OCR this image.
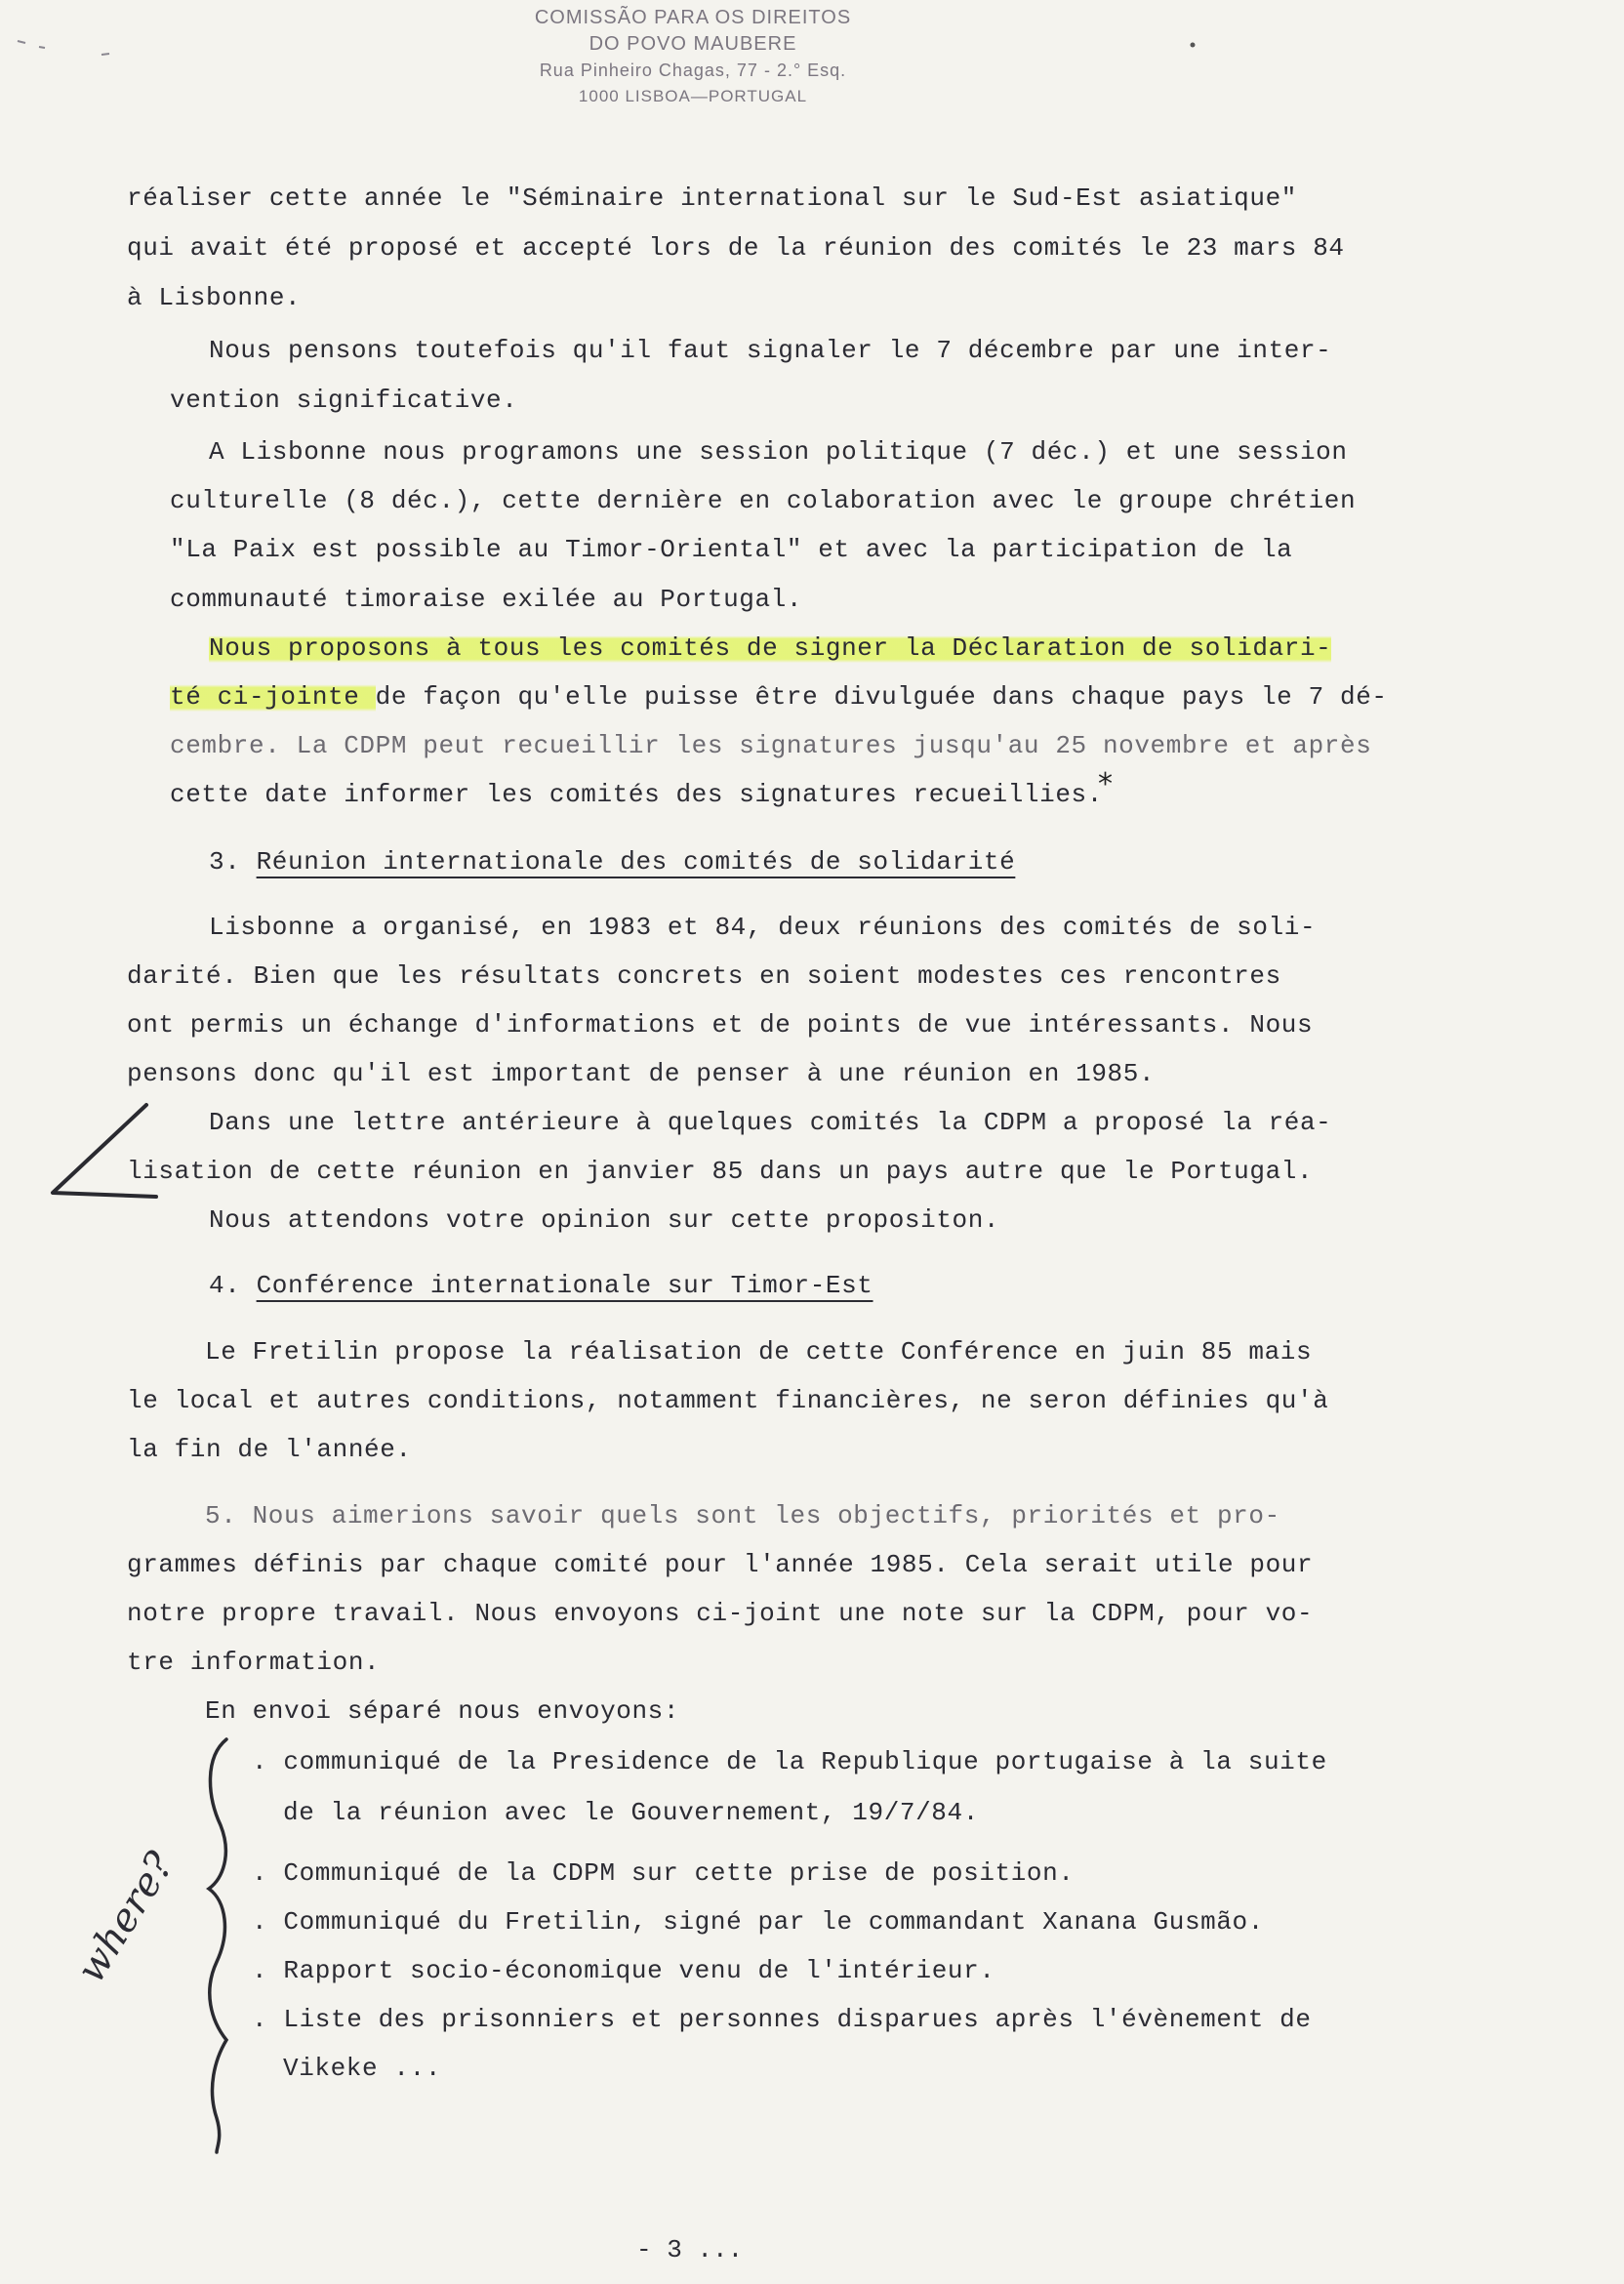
COMISSÃO PARA OS DIREITOS
DO POVO MAUBERE
Rua Pinheiro Chagas, 77 - 2.° Esq.
1000 LISBOA—PORTUGAL
réaliser cette année le "Séminaire international sur le Sud-Est asiatique"
qui avait été proposé et accepté lors de la réunion des comités le 23 mars 84
à Lisbonne.
Nous pensons toutefois qu'il faut signaler le 7 décembre par une inter-
vention significative.
A Lisbonne nous programons une session politique (7 déc.) et une session
culturelle (8 déc.), cette dernière en colaboration avec le groupe chrétien
"La Paix est possible au Timor-Oriental" et avec la participation de la
communauté timoraise exilée au Portugal.
Nous proposons à tous les comités de signer la Déclaration de solidari-
té ci-jointe de façon qu'elle puisse être divulguée dans chaque pays le 7 dé-
cembre. La CDPM peut recueillir les signatures jusqu'au 25 novembre et après
cette date informer les comités des signatures recueillies.
*
3. Réunion internationale des comités de solidarité
Lisbonne a organisé, en 1983 et 84, deux réunions des comités de soli-
darité. Bien que les résultats concrets en soient modestes ces rencontres
ont permis un échange d'informations et de points de vue intéressants. Nous
pensons donc qu'il est important de penser à une réunion en 1985.
Dans une lettre antérieure à quelques comités la CDPM a proposé la réa-
lisation de cette réunion en janvier 85 dans un pays autre que le Portugal.
Nous attendons votre opinion sur cette propositon.
4. Conférence internationale sur Timor-Est
Le Fretilin propose la réalisation de cette Conférence en juin 85 mais
le local et autres conditions, notamment financières, ne seron définies qu'à
la fin de l'année.
5. Nous aimerions savoir quels sont les objectifs, priorités et pro-
grammes définis par chaque comité pour l'année 1985. Cela serait utile pour
notre propre travail. Nous envoyons ci-joint une note sur la CDPM, pour vo-
tre information.
En envoi séparé nous envoyons:
. communiqué de la Presidence de la Republique portugaise à la suite
de la réunion avec le Gouvernement, 19/7/84.
. Communiqué de la CDPM sur cette prise de position.
. Communiqué du Fretilin, signé par le commandant Xanana Gusmão.
. Rapport socio-économique venu de l'intérieur.
. Liste des prisonniers et personnes disparues après l'évènement de
Vikeke ...
where?
- 3 ...
